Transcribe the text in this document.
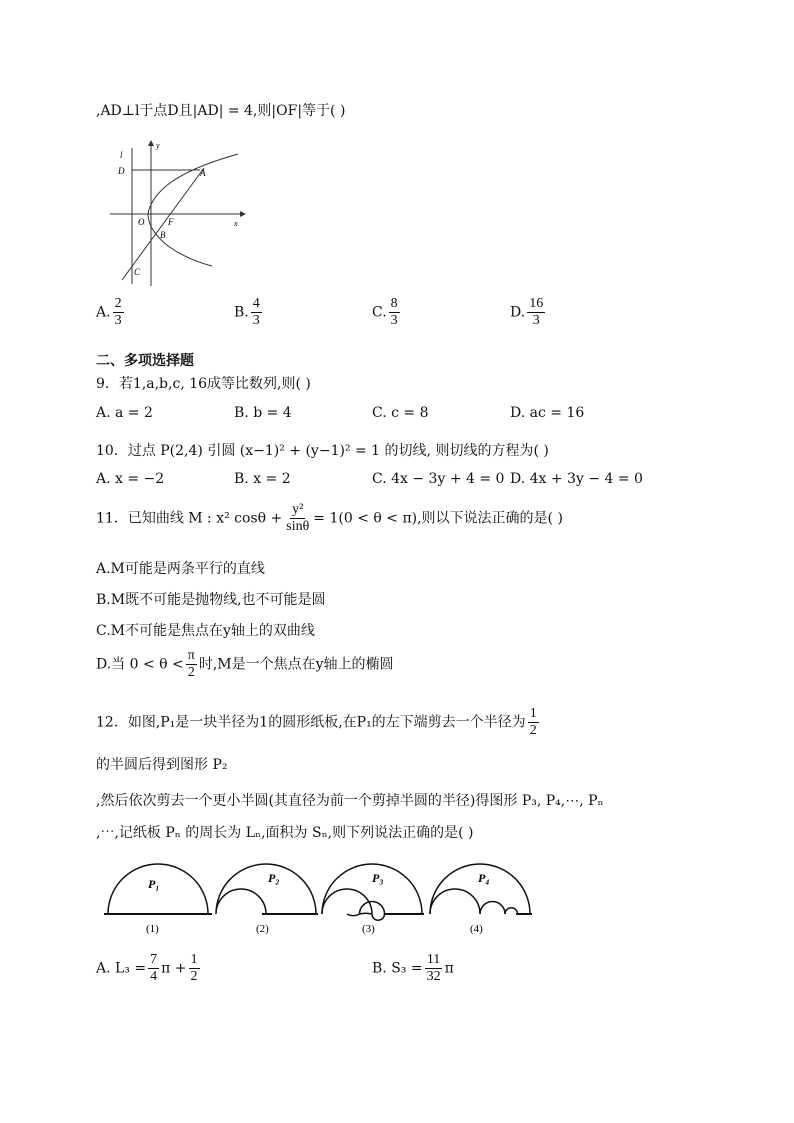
,AD⊥l于点D且|AD| = 4,则|OF|等于( )
l
y
D	A
O	F	x
B
C
A. $\frac{2}{3}$	B. $\frac{4}{3}$	C. $\frac{8}{3}$	D. $\frac{16}{3}$
二、多项选择题
9．若1,a,b,c, 16成等比数列,则( )
A. a = 2	B. b = 4	C. c = 8	D. ac = 16
10．过点 P(2,4) 引圆 (x−1)² + (y−1)² = 1 的切线, 则切线的方程为( )
A. x = −2	B. x = 2	C. 4x − 3y + 4 = 0 D. 4x + 3y − 4 = 0
11．已知曲线 M : x² $\cos\theta + \frac{\text{y²}}{\sin\theta} = 1(0 < \theta < \pi)$,则以下说法正确的是( )
A.M可能是两条平行的直线
B.M既不可能是抛物线,也不可能是圆
C.M不可能是焦点在y轴上的双曲线
D.当 $0 < \theta < \frac{\pi}{2}$ 时,M是一个焦点在y轴上的椭圆
12．如图,P₁是一块半径为1的圆形纸板,在P₁的左下端剪去一个半径为 $\frac{1}{2}$
的半圆后得到图形 P₂
,然后依次剪去一个更小半圆(其直径为前一个剪掉半圆的半径)得图形 P₃, P₄,⋯, Pₙ
,⋯,记纸板 Pₙ 的周长为 Lₙ,面积为 Sₙ,则下列说法正确的是( )
P₁	P₂	P₃	P₄
(1)	(2)	(3)	(4)
A. $L_3 = \frac{7}{4}$ $\pi + \frac{1}{2}$	B. $S_3 = \frac{11}{32}$ π
